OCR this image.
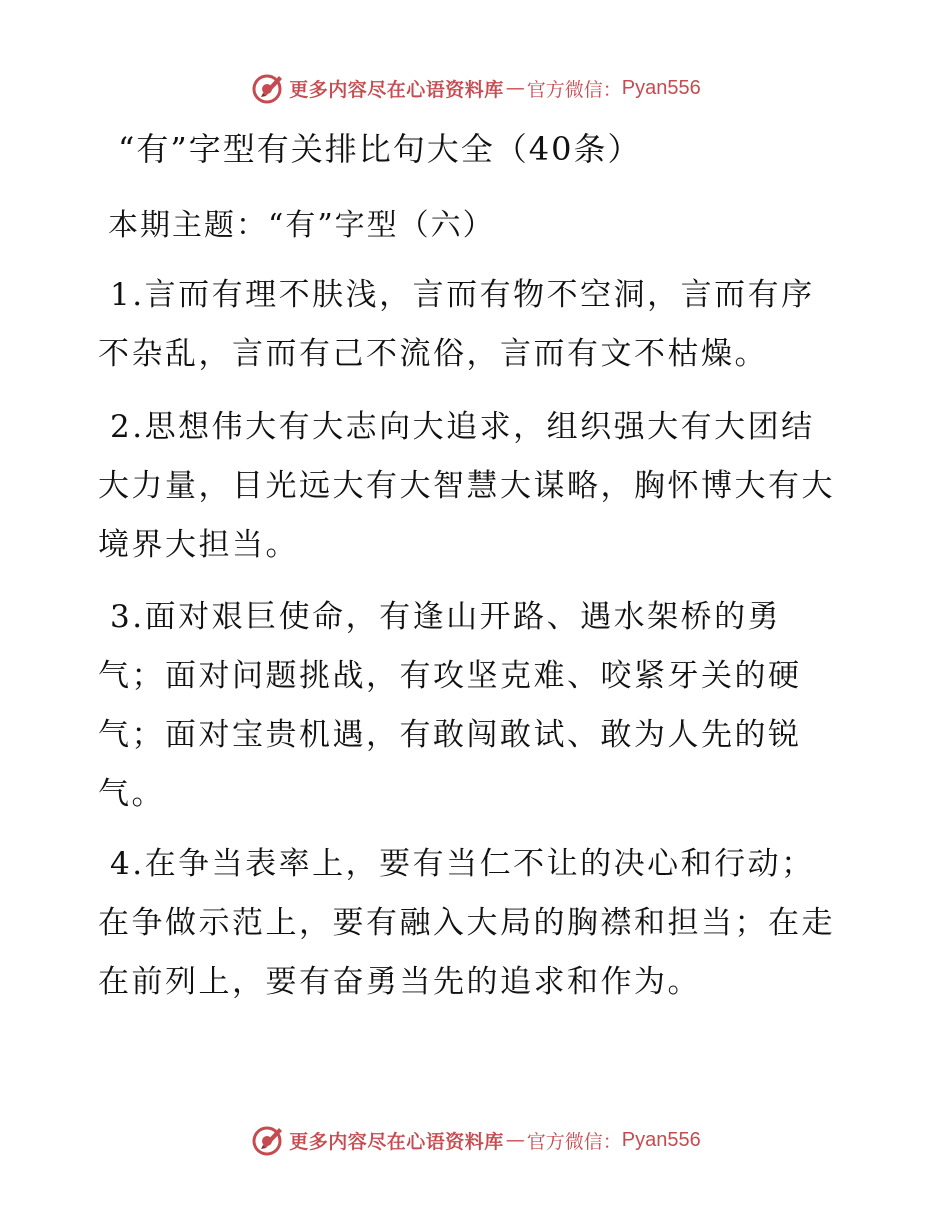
更多内容尽在心语资料库 — 官方微信： Pyan556
“有”字型有关排比句大全（40条）
本期主题：“有”字型（六）
1.言而有理不肤浅，言而有物不空洞，言而有序
不杂乱，言而有己不流俗，言而有文不枯燥。
2.思想伟大有大志向大追求，组织强大有大团结
大力量，目光远大有大智慧大谋略，胸怀博大有大
境界大担当。
3.面对艰巨使命，有逢山开路、遇水架桥的勇
气；面对问题挑战，有攻坚克难、咬紧牙关的硬
气；面对宝贵机遇，有敢闯敢试、敢为人先的锐
气。
4.在争当表率上，要有当仁不让的决心和行动；
在争做示范上，要有融入大局的胸襟和担当；在走
在前列上，要有奋勇当先的追求和作为。
更多内容尽在心语资料库 — 官方微信： Pyan556
